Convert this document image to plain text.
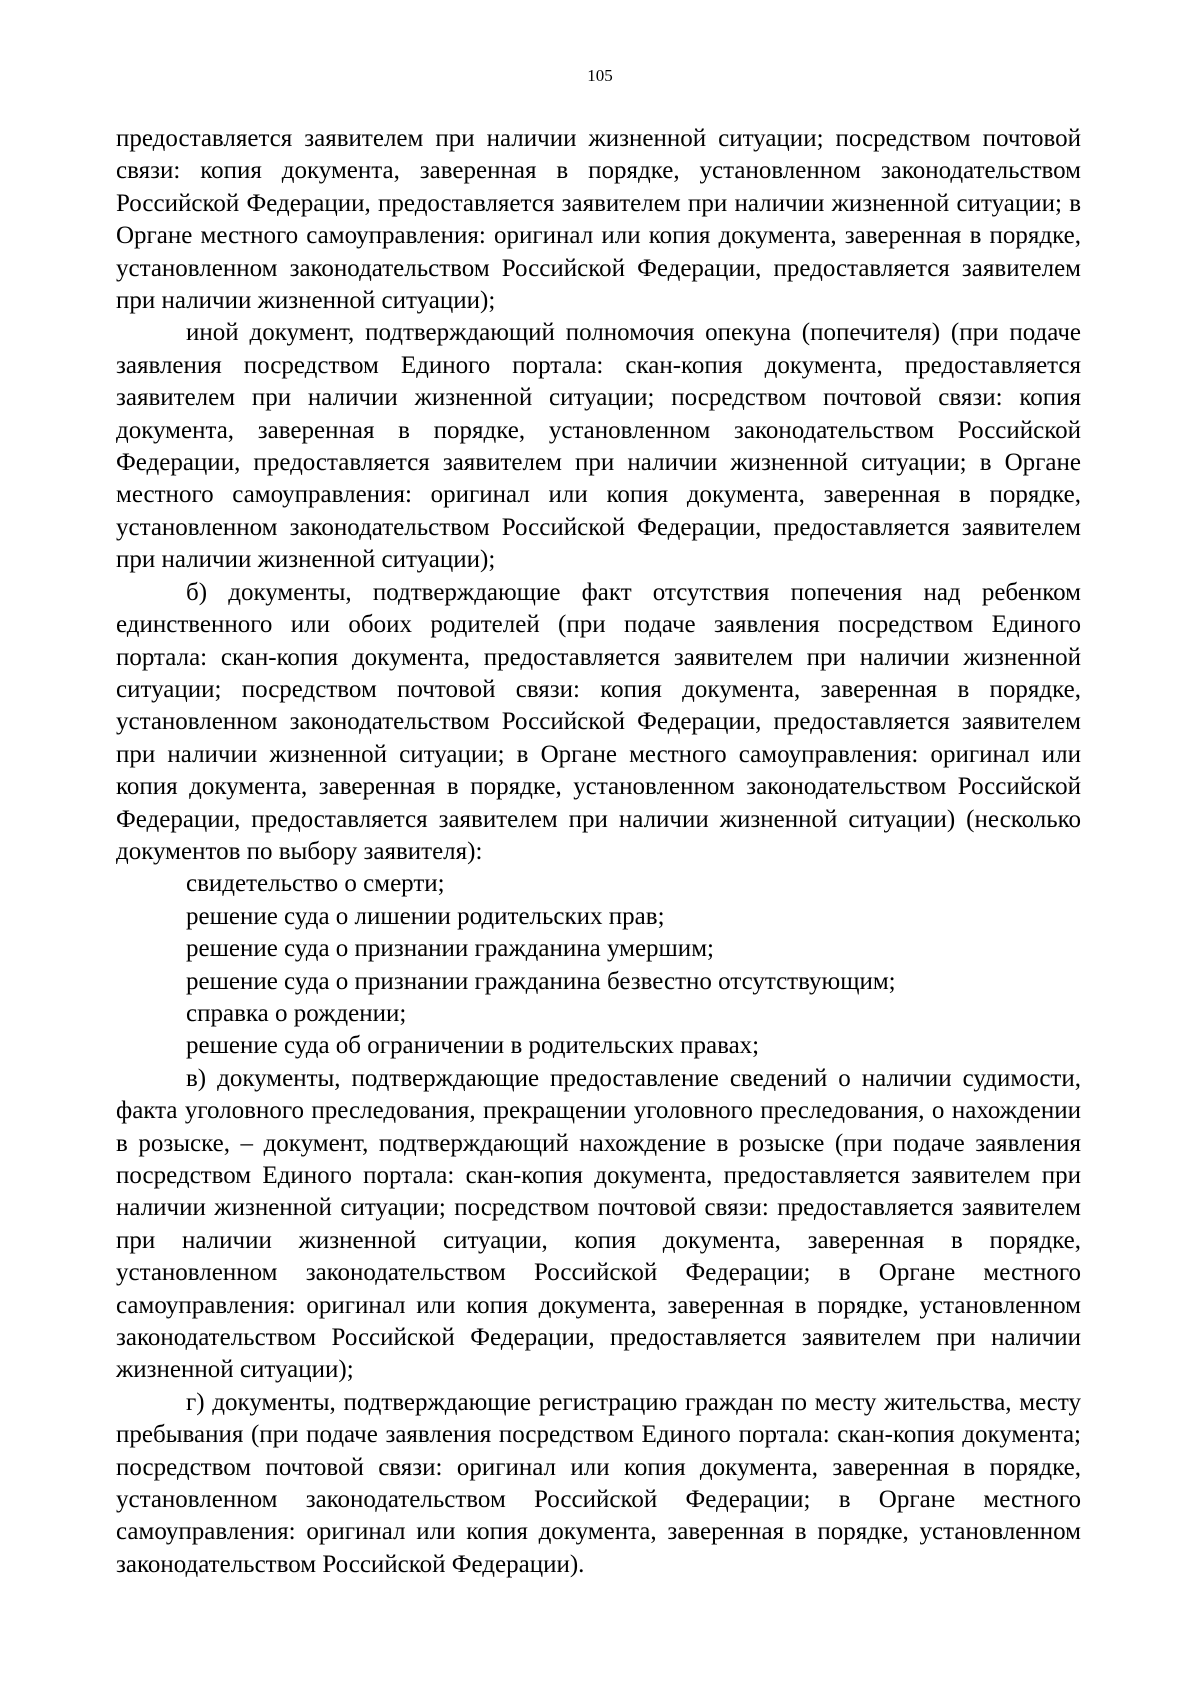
105

предоставляется заявителем при наличии жизненной ситуации; посредством почтовой связи: копия документа, заверенная в порядке, установленном законодательством Российской Федерации, предоставляется заявителем при наличии жизненной ситуации; в Органе местного самоуправления: оригинал или копия документа, заверенная в порядке, установленном законодательством Российской Федерации, предоставляется заявителем при наличии жизненной ситуации);

иной документ, подтверждающий полномочия опекуна (попечителя) (при подаче заявления посредством Единого портала: скан-копия документа, предоставляется заявителем при наличии жизненной ситуации; посредством почтовой связи: копия документа, заверенная в порядке, установленном законодательством Российской Федерации, предоставляется заявителем при наличии жизненной ситуации; в Органе местного самоуправления: оригинал или копия документа, заверенная в порядке, установленном законодательством Российской Федерации, предоставляется заявителем при наличии жизненной ситуации);

б) документы, подтверждающие факт отсутствия попечения над ребенком единственного или обоих родителей (при подаче заявления посредством Единого портала: скан-копия документа, предоставляется заявителем при наличии жизненной ситуации; посредством почтовой связи: копия документа, заверенная в порядке, установленном законодательством Российской Федерации, предоставляется заявителем при наличии жизненной ситуации; в Органе местного самоуправления: оригинал или копия документа, заверенная в порядке, установленном законодательством Российской Федерации, предоставляется заявителем при наличии жизненной ситуации) (несколько документов по выбору заявителя):

свидетельство о смерти;

решение суда о лишении родительских прав;

решение суда о признании гражданина умершим;

решение суда о признании гражданина безвестно отсутствующим;

справка о рождении;

решение суда об ограничении в родительских правах;

в) документы, подтверждающие предоставление сведений о наличии судимости, факта уголовного преследования, прекращении уголовного преследования, о нахождении в розыске, – документ, подтверждающий нахождение в розыске (при подаче заявления посредством Единого портала: скан-копия документа, предоставляется заявителем при наличии жизненной ситуации; посредством почтовой связи: предоставляется заявителем при наличии жизненной ситуации, копия документа, заверенная в порядке, установленном законодательством Российской Федерации; в Органе местного самоуправления: оригинал или копия документа, заверенная в порядке, установленном законодательством Российской Федерации, предоставляется заявителем при наличии жизненной ситуации);

г) документы, подтверждающие регистрацию граждан по месту жительства, месту пребывания (при подаче заявления посредством Единого портала: скан-копия документа; посредством почтовой связи: оригинал или копия документа, заверенная в порядке, установленном законодательством Российской Федерации; в Органе местного самоуправления: оригинал или копия документа, заверенная в порядке, установленном законодательством Российской Федерации).
